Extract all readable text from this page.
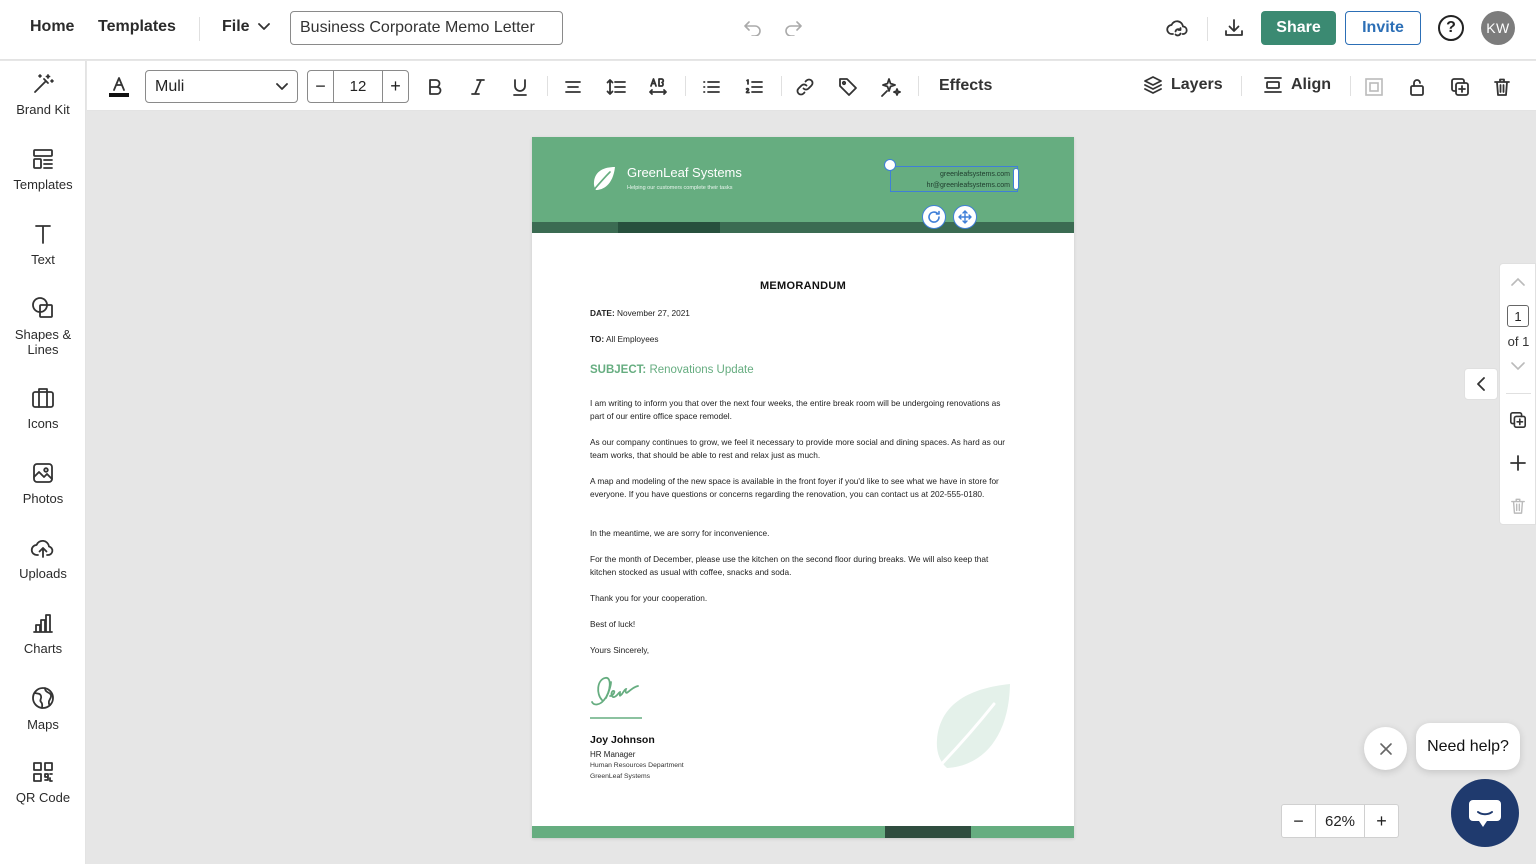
Home Templates	File
Business Corporate Memo Letter	Share	Invite	?	KW
Brand Kit
Templates
Text
Shapes & Lines
Icons
Photos
Uploads
Charts
Maps
QR Code
Muli	−	12	+	Effects	Layers	Align
GreenLeaf Systems
Helping our customers complete their tasks
greenleafsystems.com
hr@greenleafsystems.com
MEMORANDUM
DATE: November 27, 2021
TO: All Employees
SUBJECT: Renovations Update
I am writing to inform you that over the next four weeks, the entire break room will be undergoing renovations as part of our entire office space remodel.
As our company continues to grow, we feel it necessary to provide more social and dining spaces. As hard as our team works, that should be able to rest and relax just as much.
A map and modeling of the new space is available in the front foyer if you'd like to see what we have in store for everyone. If you have questions or concerns regarding the renovation, you can contact us at 202-555-0180.
In the meantime, we are sorry for inconvenience.
For the month of December, please use the kitchen on the second floor during breaks. We will also keep that kitchen stocked as usual with coffee, snacks and soda.
Thank you for your cooperation.
Best of luck!
Yours Sincerely,
Joy Johnson
HR Manager
Human Resources Department
GreenLeaf Systems
1
of 1
−	62%	+
Need help?
